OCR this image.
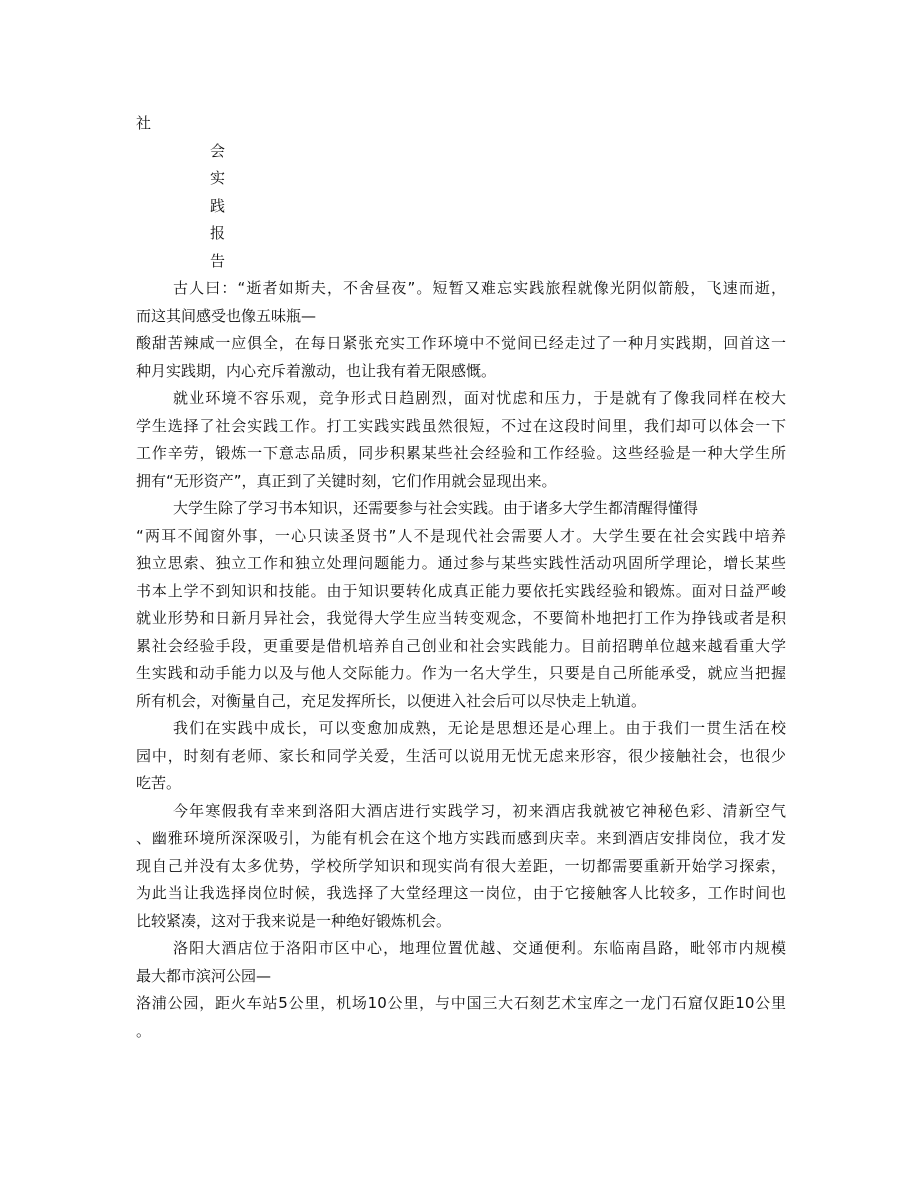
社
会
实
践
报
告
古人曰：“逝者如斯夫，不舍昼夜”。短暂又难忘实践旅程就像光阴似箭般，飞速而逝，
而这其间感受也像五味瓶—
酸甜苦辣咸一应俱全，在每日紧张充实工作环境中不觉间已经走过了一种月实践期，回首这一
种月实践期，内心充斥着激动，也让我有着无限感慨。
就业环境不容乐观，竞争形式日趋剧烈，面对忧虑和压力，于是就有了像我同样在校大
学生选择了社会实践工作。打工实践实践虽然很短，不过在这段时间里，我们却可以体会一下
工作辛劳，锻炼一下意志品质，同步积累某些社会经验和工作经验。这些经验是一种大学生所
拥有“无形资产”，真正到了关键时刻，它们作用就会显现出来。
大学生除了学习书本知识，还需要参与社会实践。由于诸多大学生都清醒得懂得
“两耳不闻窗外事，一心只读圣贤书”人不是现代社会需要人才。大学生要在社会实践中培养
独立思索、独立工作和独立处理问题能力。通过参与某些实践性活动巩固所学理论，增长某些
书本上学不到知识和技能。由于知识要转化成真正能力要依托实践经验和锻炼。面对日益严峻
就业形势和日新月异社会，我觉得大学生应当转变观念，不要简朴地把打工作为挣钱或者是积
累社会经验手段，更重要是借机培养自己创业和社会实践能力。目前招聘单位越来越看重大学
生实践和动手能力以及与他人交际能力。作为一名大学生，只要是自己所能承受，就应当把握
所有机会，对衡量自己，充足发挥所长，以便进入社会后可以尽快走上轨道。
我们在实践中成长，可以变愈加成熟，无论是思想还是心理上。由于我们一贯生活在校
园中，时刻有老师、家长和同学关爱，生活可以说用无忧无虑来形容，很少接触社会，也很少
吃苦。
今年寒假我有幸来到洛阳大酒店进行实践学习，初来酒店我就被它神秘色彩、清新空气
、幽雅环境所深深吸引，为能有机会在这个地方实践而感到庆幸。来到酒店安排岗位，我才发
现自己并没有太多优势，学校所学知识和现实尚有很大差距，一切都需要重新开始学习探索，
为此当让我选择岗位时候，我选择了大堂经理这一岗位，由于它接触客人比较多，工作时间也
比较紧凑，这对于我来说是一种绝好锻炼机会。
洛阳大酒店位于洛阳市区中心，地理位置优越、交通便利。东临南昌路，毗邻市内规模
最大都市滨河公园—
洛浦公园，距火车站5公里，机场10公里，与中国三大石刻艺术宝库之一龙门石窟仅距10公里
。
